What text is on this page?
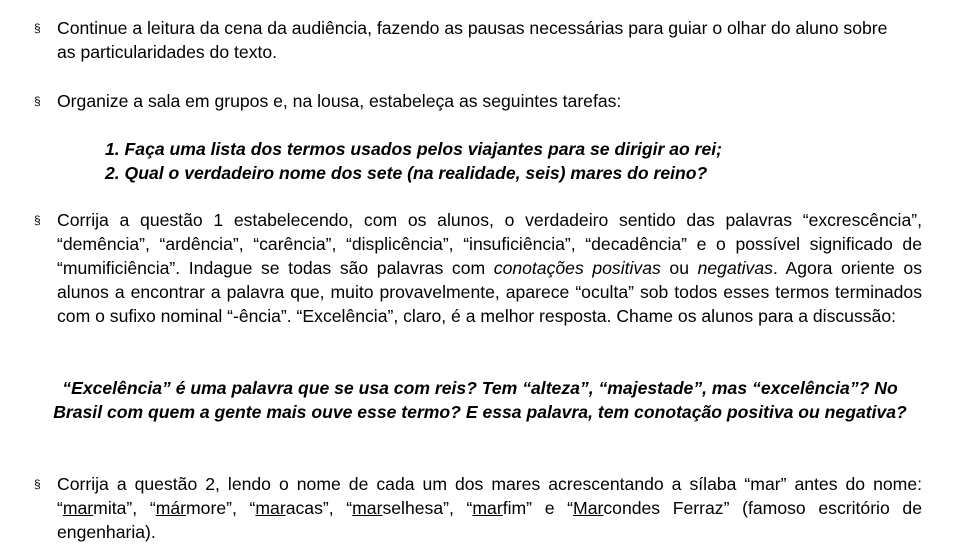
§ Continue a leitura da cena da audiência, fazendo as pausas necessárias para guiar o olhar do aluno sobre as particularidades do texto.
§ Organize a sala em grupos e, na lousa, estabeleça as seguintes tarefas:
1. Faça uma lista dos termos usados pelos viajantes para se dirigir ao rei;
2. Qual o verdadeiro nome dos sete (na realidade, seis) mares do reino?
§ Corrija a questão 1 estabelecendo, com os alunos, o verdadeiro sentido das palavras “excrescência”, “demência”, “ardência”, “carência”, “displicência”, “insuficiência”, “decadência” e o possível significado de “mumificiência”. Indague se todas são palavras com conotações positivas ou negativas. Agora oriente os alunos a encontrar a palavra que, muito provavelmente, aparece “oculta” sob todos esses termos terminados com o sufixo nominal “-ência”. “Excelência”, claro, é a melhor resposta. Chame os alunos para a discussão:
“Excelência” é uma palavra que se usa com reis? Tem “alteza”, “majestade”, mas “excelência”? No Brasil com quem a gente mais ouve esse termo? E essa palavra, tem conotação positiva ou negativa?
§ Corrija a questão 2, lendo o nome de cada um dos mares acrescentando a sílaba “mar” antes do nome: “marmita”, “mármore”, “maracas”, “marselhesa”, “marfim” e “Marcondes Ferraz” (famoso escritório de engenharia).
